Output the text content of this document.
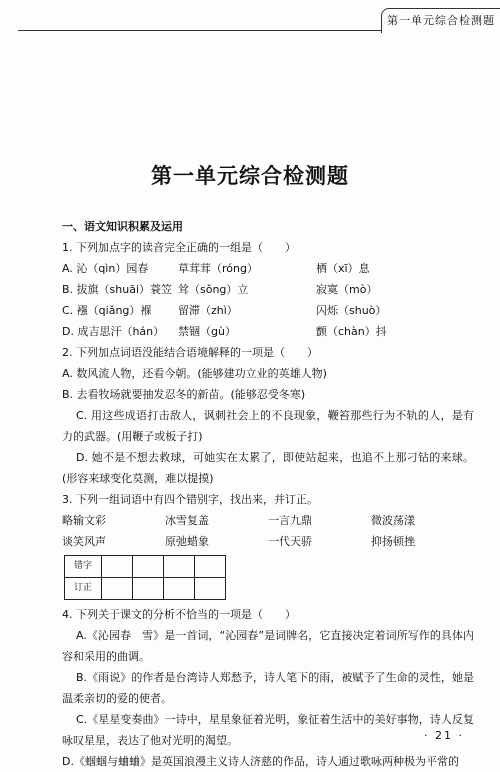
第一单元综合检测题
第一单元综合检测题
一、语文知识积累及运用
1. 下列加点字的读音完全正确的一组是（　　）
A. 沁（qìn）园春	草茸茸（róng）	栖（xī）息
B. 拔旗（shuāi）蓑笠 耸（sǒng）立	寂寞（mò）
C. 襁（qiǎng）褓	留滞（zhì）	闪烁（shuò）
D. 成吉思汗（hán）	禁锢（gù）	颤（chàn）抖
2. 下列加点词语没能结合语境解释的一项是（　　）
A. 数风流人物，还看今朝。(能够建功立业的英雄人物)
B. 去看牧场就要抽发忍冬的新苗。(能够忍受冬寒)
C. 用这些成语打击敌人，讽刺社会上的不良现象，鞭笞那些行为不轨的人，是有力的武器。(用鞭子或板子打)
D. 她不是不想去救球，可她实在太累了，即使站起来，也追不上那刁钻的来球。(形容来球变化莫测，难以提摸)
3. 下列一组词语中有四个错别字，找出来，并订正。
略输文彩	冰雪复盖	一言九鼎	微波荡漾
谈笑风声	原弛蜡象	一代天骄	抑扬顿挫
错字				
订正				
4. 下列关于课文的分析不恰当的一项是（　　）
A.《沁园春　雪》是一首词，“沁园春”是词牌名，它直接决定着词所写作的具体内容和采用的曲调。
B.《雨说》的作者是台湾诗人郑愁予，诗人笔下的雨，被赋予了生命的灵性，她是温柔亲切的爱的使者。
C.《星星变奏曲》一诗中，星星象征着光明，象征着生活中的美好事物，诗人反复咏叹星星，表达了他对光明的渴望。
D.《蝈蝈与蛐蛐》是英国浪漫主义诗人济慈的作品，诗人通过歌咏两种极为平常的
· 21 ·
